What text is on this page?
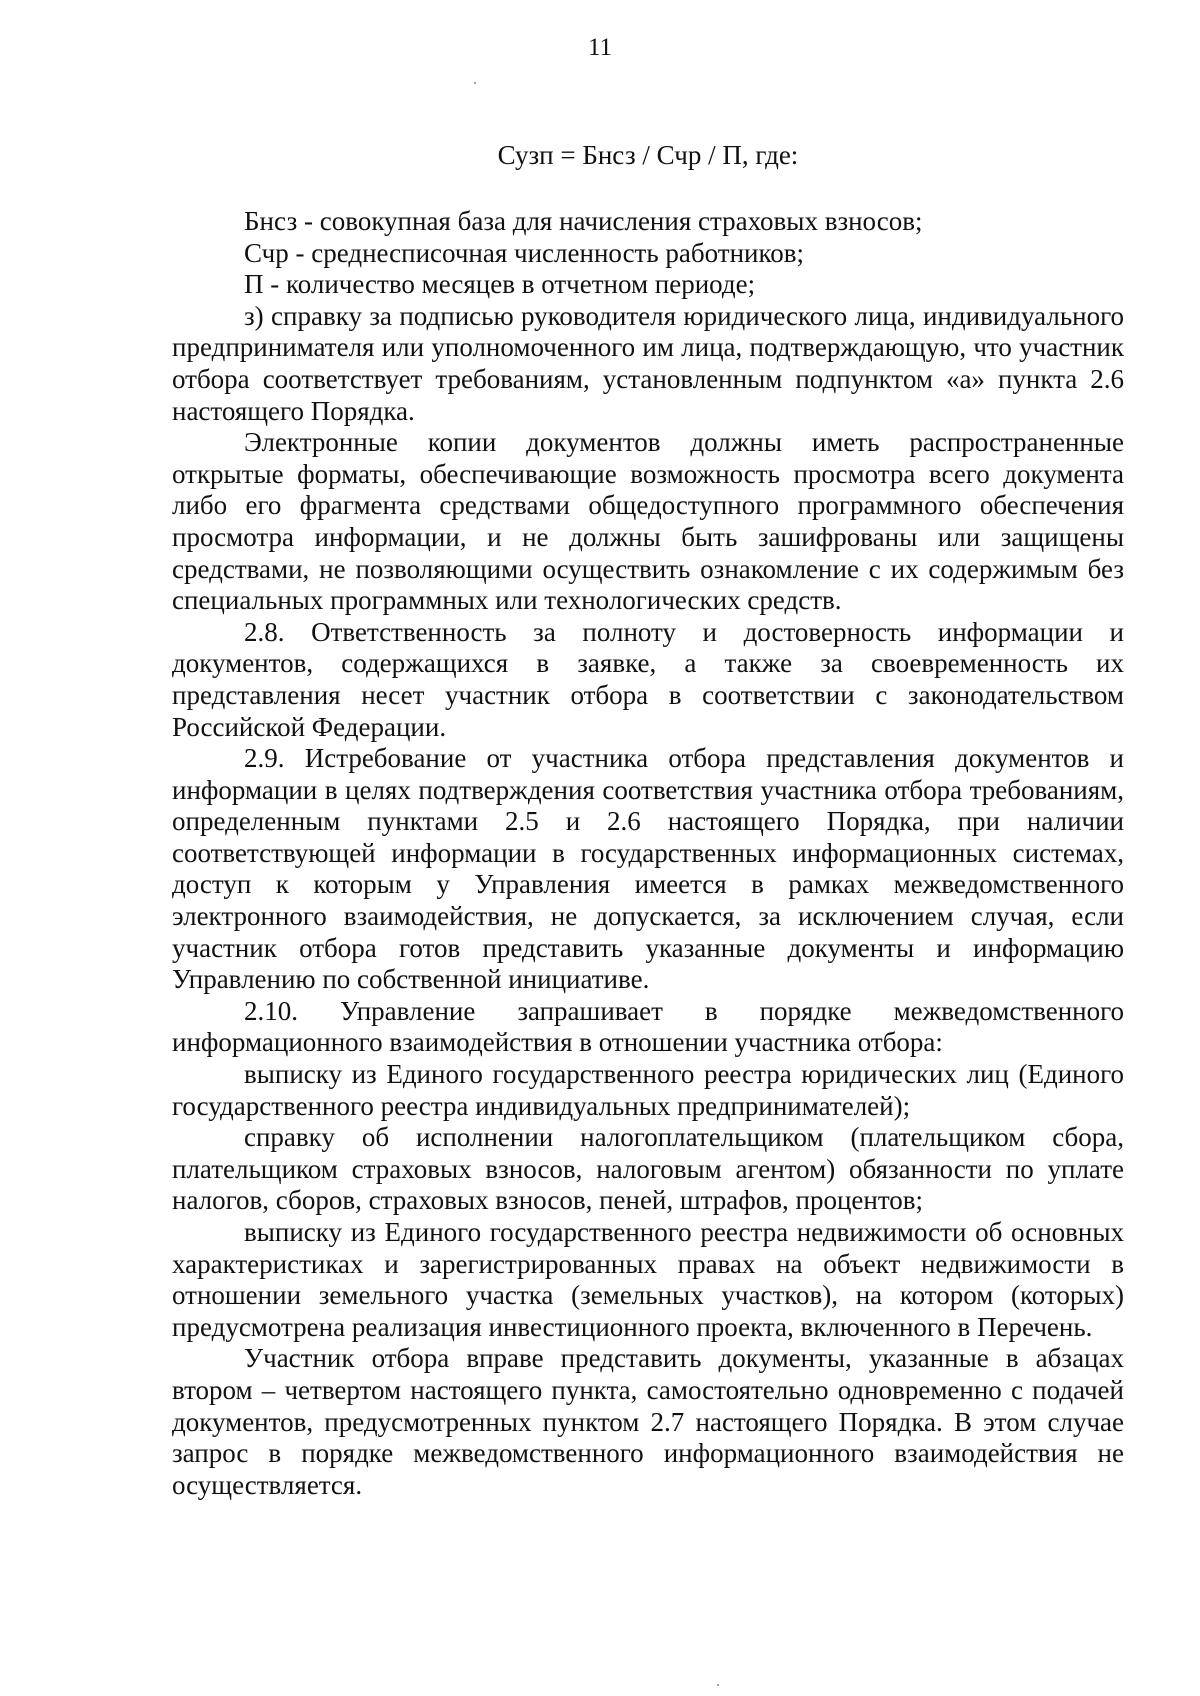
11
Сузп = Бнсз / Счр / П, где:

Бнсз - совокупная база для начисления страховых взносов;

Счр - среднесписочная численность работников;

П - количество месяцев в отчетном периоде;

з) справку за подписью руководителя юридического лица, индивидуального предпринимателя или уполномоченного им лица, подтверждающую, что участник отбора соответствует требованиям, установленным подпунктом «а» пункта 2.6 настоящего Порядка.

Электронные копии документов должны иметь распространенные открытые форматы, обеспечивающие возможность просмотра всего документа либо его фрагмента средствами общедоступного программного обеспечения просмотра информации, и не должны быть зашифрованы или защищены средствами, не позволяющими осуществить ознакомление с их содержимым без специальных программных или технологических средств.

2.8. Ответственность за полноту и достоверность информации и документов, содержащихся в заявке, а также за своевременность их представления несет участник отбора в соответствии с законодательством Российской Федерации.

2.9. Истребование от участника отбора представления документов и информации в целях подтверждения соответствия участника отбора требованиям, определенным пунктами 2.5 и 2.6 настоящего Порядка, при наличии соответствующей информации в государственных информационных системах, доступ к которым у Управления имеется в рамках межведомственного электронного взаимодействия, не допускается, за исключением случая, если участник отбора готов представить указанные документы и информацию Управлению по собственной инициативе.

2.10. Управление запрашивает в порядке межведомственного информационного взаимодействия в отношении участника отбора:

выписку из Единого государственного реестра юридических лиц (Единого государственного реестра индивидуальных предпринимателей);

справку об исполнении налогоплательщиком (плательщиком сбора, плательщиком страховых взносов, налоговым агентом) обязанности по уплате налогов, сборов, страховых взносов, пеней, штрафов, процентов;

выписку из Единого государственного реестра недвижимости об основных характеристиках и зарегистрированных правах на объект недвижимости в отношении земельного участка (земельных участков), на котором (которых) предусмотрена реализация инвестиционного проекта, включенного в Перечень.

Участник отбора вправе представить документы, указанные в абзацах втором – четвертом настоящего пункта, самостоятельно одновременно с подачей документов, предусмотренных пунктом 2.7 настоящего Порядка. В этом случае запрос в порядке межведомственного информационного взаимодействия не осуществляется.
